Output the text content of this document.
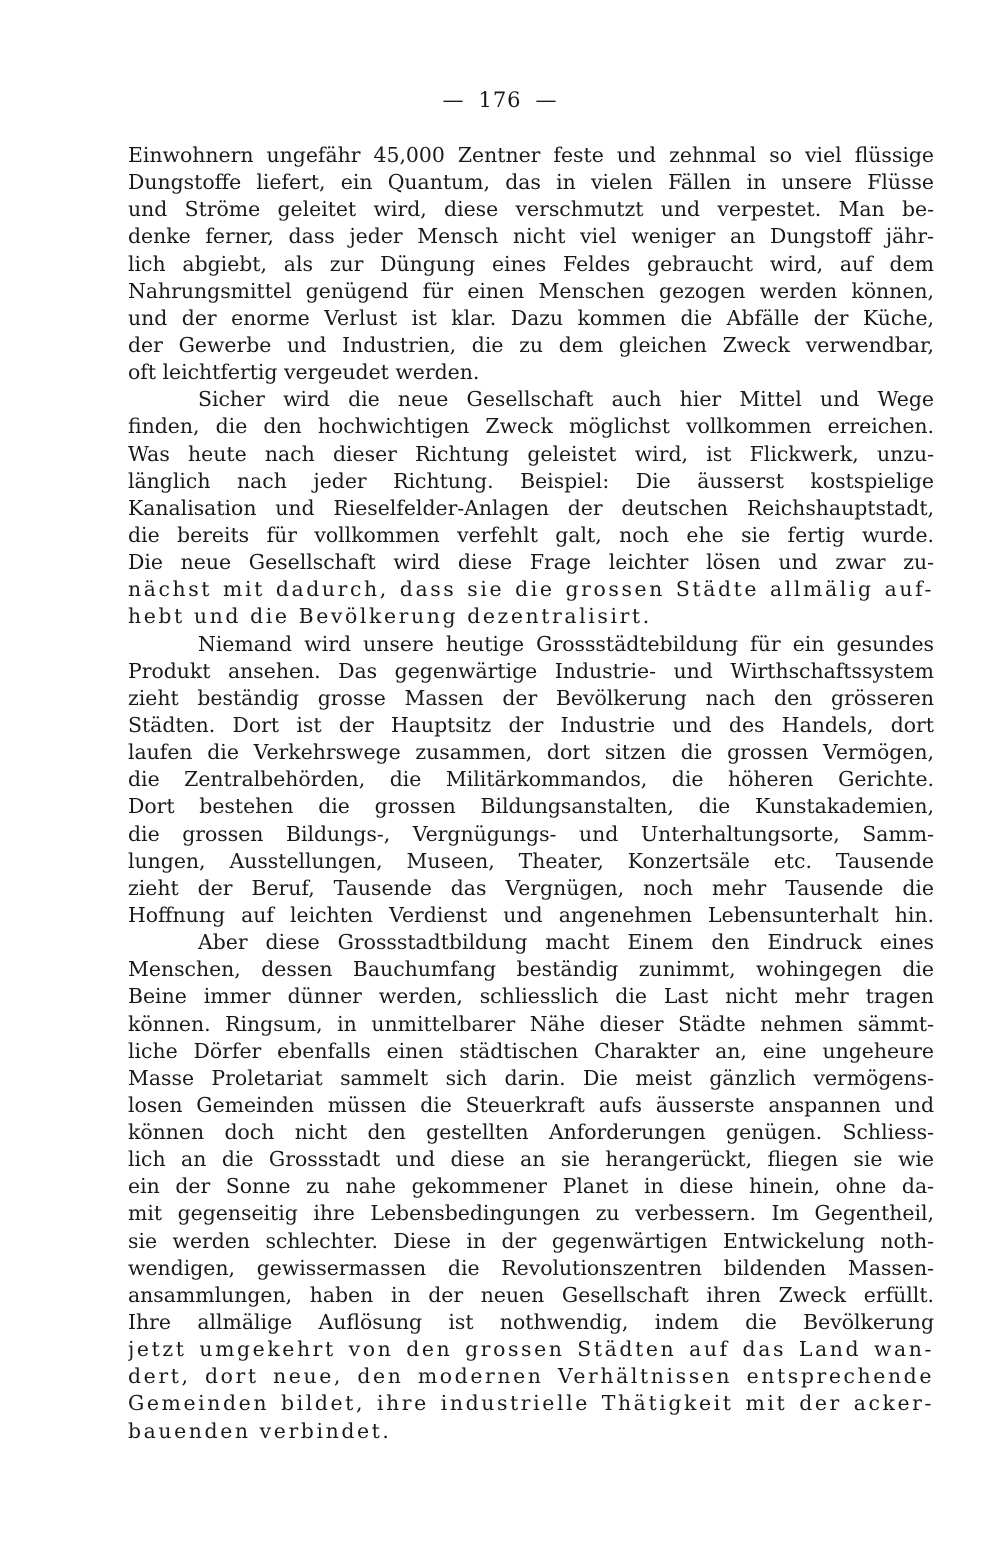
— 176 —
Einwohnern ungefähr 45,000 Zentner feste und zehnmal so viel flüssige
Dungstoffe liefert, ein Quantum, das in vielen Fällen in unsere Flüsse
und Ströme geleitet wird, diese verschmutzt und verpestet. Man be-
denke ferner, dass jeder Mensch nicht viel weniger an Dungstoff jähr-
lich abgiebt, als zur Düngung eines Feldes gebraucht wird, auf dem
Nahrungsmittel genügend für einen Menschen gezogen werden können,
und der enorme Verlust ist klar. Dazu kommen die Abfälle der Küche,
der Gewerbe und Industrien, die zu dem gleichen Zweck verwendbar,
oft leichtfertig vergeudet werden.
Sicher wird die neue Gesellschaft auch hier Mittel und Wege
finden, die den hochwichtigen Zweck möglichst vollkommen erreichen.
Was heute nach dieser Richtung geleistet wird, ist Flickwerk, unzu-
länglich nach jeder Richtung. Beispiel: Die äusserst kostspielige
Kanalisation und Rieselfelder-Anlagen der deutschen Reichshauptstadt,
die bereits für vollkommen verfehlt galt, noch ehe sie fertig wurde.
Die neue Gesellschaft wird diese Frage leichter lösen und zwar zu-
nächst mit dadurch, dass sie die grossen Städte allmälig auf-
hebt und die Bevölkerung dezentralisirt.
Niemand wird unsere heutige Grossstädtebildung für ein gesundes
Produkt ansehen. Das gegenwärtige Industrie- und Wirthschaftssystem
zieht beständig grosse Massen der Bevölkerung nach den grösseren
Städten. Dort ist der Hauptsitz der Industrie und des Handels, dort
laufen die Verkehrswege zusammen, dort sitzen die grossen Vermögen,
die Zentralbehörden, die Militärkommandos, die höheren Gerichte.
Dort bestehen die grossen Bildungsanstalten, die Kunstakademien,
die grossen Bildungs-, Vergnügungs- und Unterhaltungsorte, Samm-
lungen, Ausstellungen, Museen, Theater, Konzertsäle etc. Tausende
zieht der Beruf, Tausende das Vergnügen, noch mehr Tausende die
Hoffnung auf leichten Verdienst und angenehmen Lebensunterhalt hin.
Aber diese Grossstadtbildung macht Einem den Eindruck eines
Menschen, dessen Bauchumfang beständig zunimmt, wohingegen die
Beine immer dünner werden, schliesslich die Last nicht mehr tragen
können. Ringsum, in unmittelbarer Nähe dieser Städte nehmen sämmt-
liche Dörfer ebenfalls einen städtischen Charakter an, eine ungeheure
Masse Proletariat sammelt sich darin. Die meist gänzlich vermögens-
losen Gemeinden müssen die Steuerkraft aufs äusserste anspannen und
können doch nicht den gestellten Anforderungen genügen. Schliess-
lich an die Grossstadt und diese an sie herangerückt, fliegen sie wie
ein der Sonne zu nahe gekommener Planet in diese hinein, ohne da-
mit gegenseitig ihre Lebensbedingungen zu verbessern. Im Gegentheil,
sie werden schlechter. Diese in der gegenwärtigen Entwickelung noth-
wendigen, gewissermassen die Revolutionszentren bildenden Massen-
ansammlungen, haben in der neuen Gesellschaft ihren Zweck erfüllt.
Ihre allmälige Auflösung ist nothwendig, indem die Bevölkerung
jetzt umgekehrt von den grossen Städten auf das Land wan-
dert, dort neue, den modernen Verhältnissen entsprechende
Gemeinden bildet, ihre industrielle Thätigkeit mit der acker-
bauenden verbindet.
